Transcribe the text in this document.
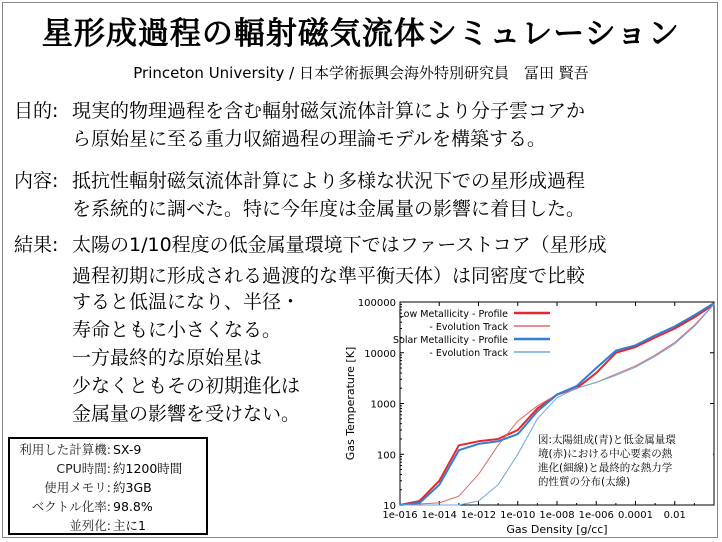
星形成過程の輻射磁気流体シミュレーション
Princeton University / 日本学術振興会海外特別研究員　冨田 賢吾
目的: 現実的物理過程を含む輻射磁気流体計算により分子雲コアか
ら原始星に至る重力収縮過程の理論モデルを構築する。
内容: 抵抗性輻射磁気流体計算により多様な状況下での星形成過程
を系統的に調べた。特に今年度は金属量の影響に着目した。
結果: 太陽の1/10程度の低金属量環境下ではファーストコア（星形成
過程初期に形成される過渡的な準平衡天体）は同密度で比較
すると低温になり、半径・
寿命ともに小さくなる。
一方最終的な原始星は
少なくともその初期進化は
金属量の影響を受けない。
利用した計算機: SX-9
CPU時間: 約1200時間
使用メモリ: 約3GB
ベクトル化率: 98.8%
並列化: 主に1
1e-016 1e-014 1e-012 1e-010 1e-008 1e-006 0.0001 0.01
10
100
1000
10000
100000
Gas Density [g/cc]
Gas Temperature [K]
Low Metallicity - Profile
- Evolution Track
Solar Metallicity - Profile
- Evolution Track
図:太陽組成(青)と低金属量環
境(赤)における中心要素の熱
進化(細線)と最終的な熱力学
的性質の分布(太線)
